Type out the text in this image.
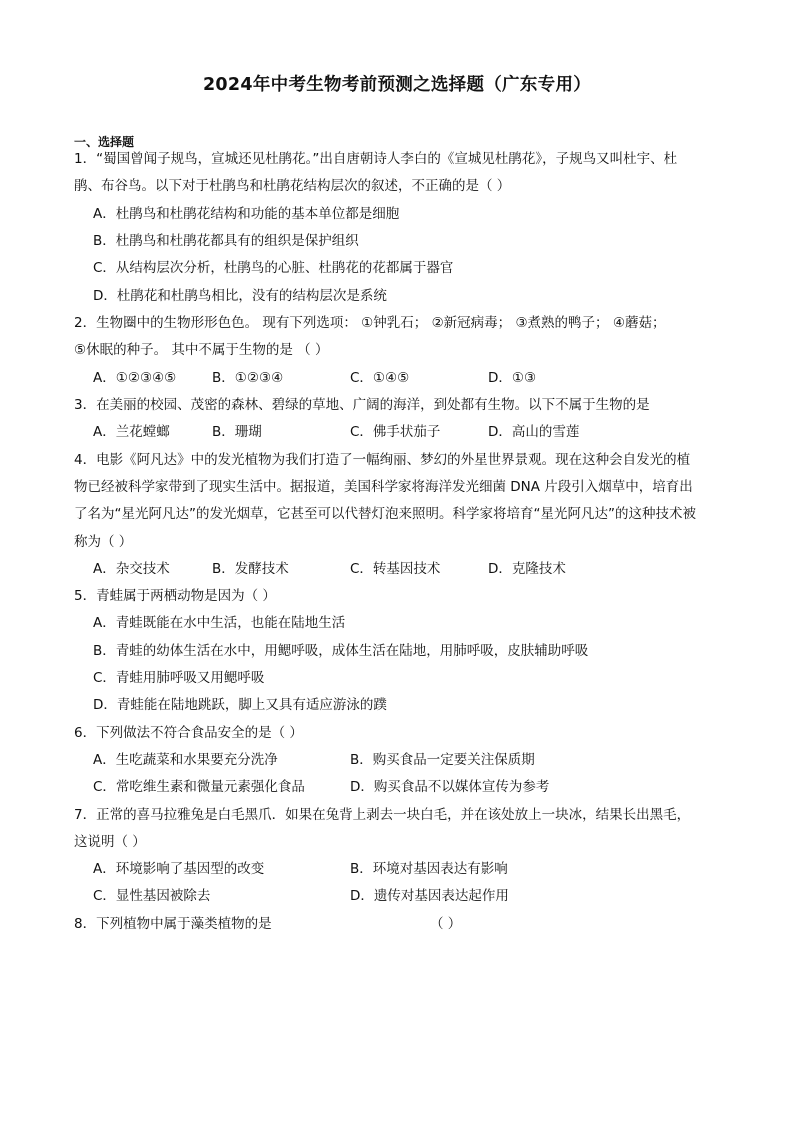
2024年中考生物考前预测之选择题（广东专用）
一、选择题
1．“蜀国曾闻子规鸟，宣城还见杜鹃花。”出自唐朝诗人李白的《宣城见杜鹃花》，子规鸟又叫杜宇、杜
鹃、布谷鸟。以下对于杜鹃鸟和杜鹃花结构层次的叙述，不正确的是（ ）
A．杜鹃鸟和杜鹃花结构和功能的基本单位都是细胞
B．杜鹃鸟和杜鹃花都具有的组织是保护组织
C．从结构层次分析，杜鹃鸟的心脏、杜鹃花的花都属于器官
D．杜鹃花和杜鹃鸟相比，没有的结构层次是系统
2．生物圈中的生物形形色色。 现有下列选项： ①钟乳石； ②新冠病毒； ③煮熟的鸭子； ④蘑菇；
⑤休眠的种子。 其中不属于生物的是 （ ）
A．①②③④⑤	B．①②③④	C．①④⑤	D．①③
3．在美丽的校园、茂密的森林、碧绿的草地、广阔的海洋，到处都有生物。以下不属于生物的是
A．兰花螳螂	B．珊瑚	C．佛手状茄子	D．高山的雪莲
4．电影《阿凡达》中的发光植物为我们打造了一幅绚丽、梦幻的外星世界景观。现在这种会自发光的植
物已经被科学家带到了现实生活中。据报道，美国科学家将海洋发光细菌 DNA 片段引入烟草中，培育出
了名为“星光阿凡达”的发光烟草，它甚至可以代替灯泡来照明。科学家将培育“星光阿凡达”的这种技术被
称为（ ）
A．杂交技术	B．发酵技术	C．转基因技术	D．克隆技术
5．青蛙属于两栖动物是因为（ ）
A．青蛙既能在水中生活，也能在陆地生活
B．青蛙的幼体生活在水中，用鳃呼吸，成体生活在陆地，用肺呼吸，皮肤辅助呼吸
C．青蛙用肺呼吸又用鳃呼吸
D．青蛙能在陆地跳跃，脚上又具有适应游泳的蹼
6．下列做法不符合食品安全的是（ ）
A．生吃蔬菜和水果要充分洗净	B．购买食品一定要关注保质期
C．常吃维生素和微量元素强化食品	D．购买食品不以媒体宣传为参考
7．正常的喜马拉雅兔是白毛黑爪．如果在兔背上剥去一块白毛，并在该处放上一块冰，结果长出黑毛，
这说明（ ）
A．环境影响了基因型的改变	B．环境对基因表达有影响
C．显性基因被除去	D．遗传对基因表达起作用
8．下列植物中属于藻类植物的是	（ ）
